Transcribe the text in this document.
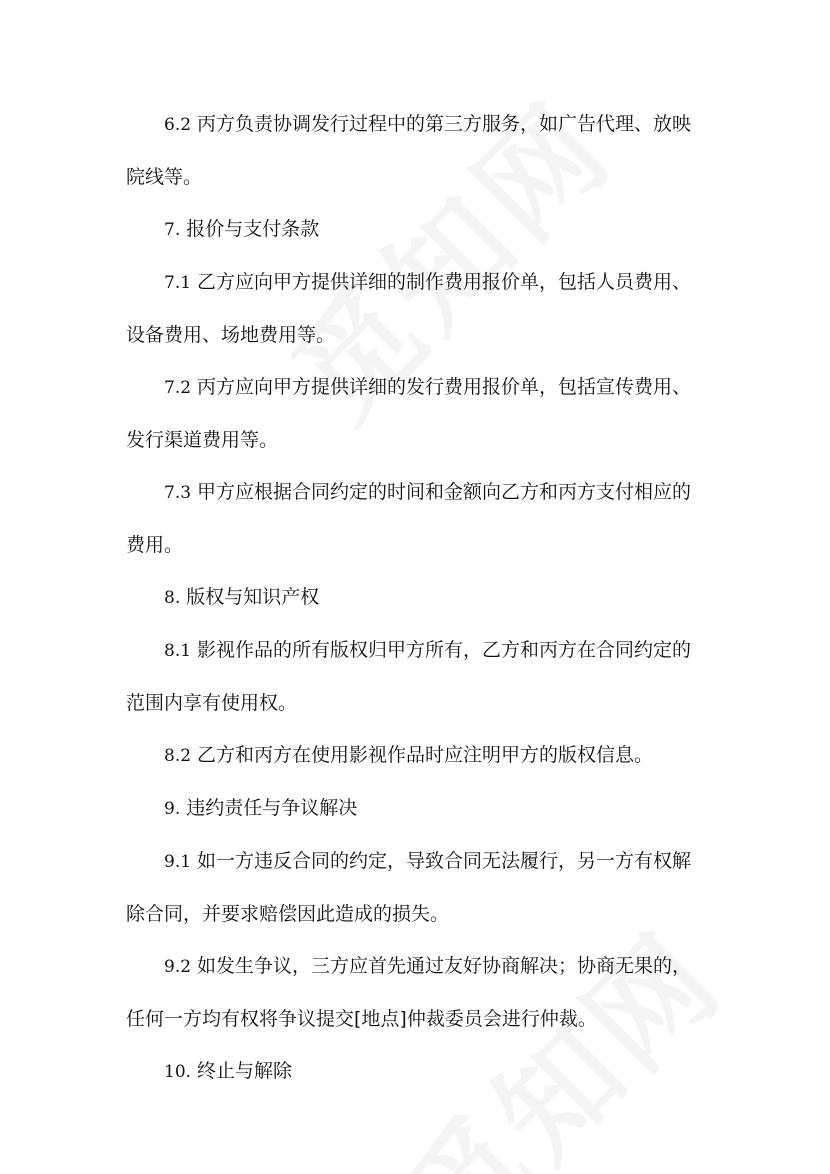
6.2 丙方负责协调发行过程中的第三方服务，如广告代理、放映院线等。

7. 报价与支付条款

7.1 乙方应向甲方提供详细的制作费用报价单，包括人员费用、设备费用、场地费用等。

7.2 丙方应向甲方提供详细的发行费用报价单，包括宣传费用、发行渠道费用等。

7.3 甲方应根据合同约定的时间和金额向乙方和丙方支付相应的费用。

8. 版权与知识产权

8.1 影视作品的所有版权归甲方所有，乙方和丙方在合同约定的范围内享有使用权。

8.2 乙方和丙方在使用影视作品时应注明甲方的版权信息。

9. 违约责任与争议解决

9.1 如一方违反合同的约定，导致合同无法履行，另一方有权解除合同，并要求赔偿因此造成的损失。

9.2 如发生争议，三方应首先通过友好协商解决；协商无果的，任何一方均有权将争议提交[地点]仲裁委员会进行仲裁。

10. 终止与解除
